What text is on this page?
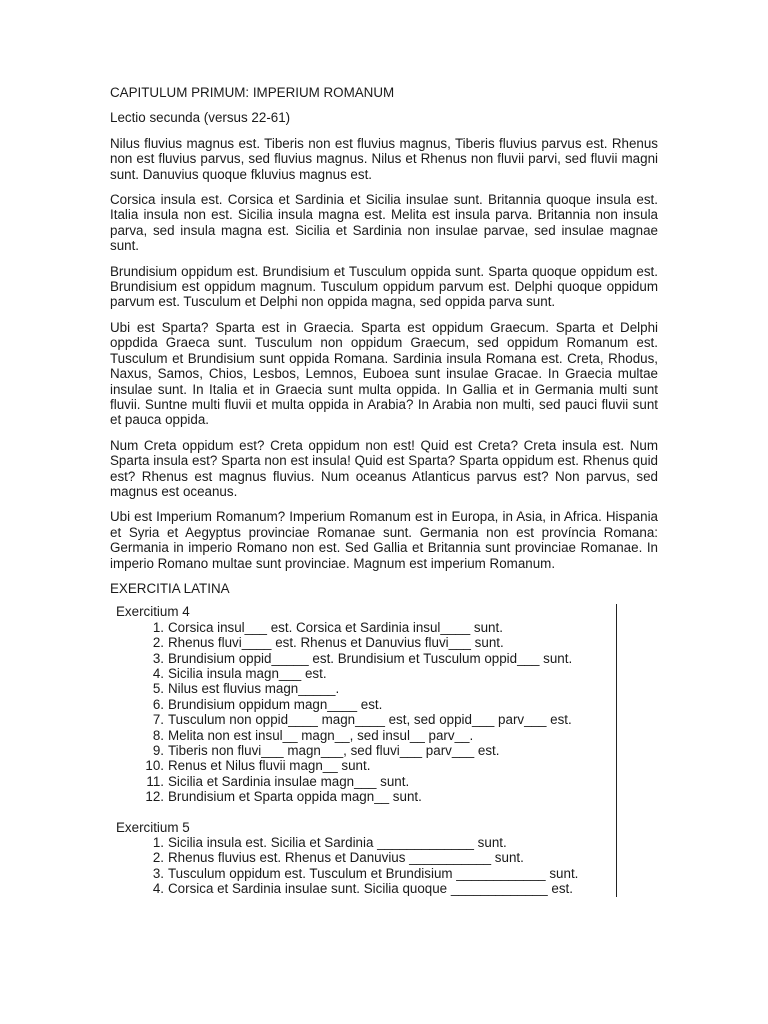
CAPITULUM PRIMUM: IMPERIUM ROMANUM
Lectio secunda (versus 22-61)
Nilus fluvius magnus est. Tiberis non est fluvius magnus, Tiberis fluvius parvus est. Rhenus non est fluvius parvus, sed fluvius magnus. Nilus et Rhenus non fluvii parvi, sed fluvii magni sunt. Danuvius quoque fkluvius magnus est.
Corsica insula est. Corsica et Sardinia et Sicilia insulae sunt. Britannia quoque insula est. Italia insula non est. Sicilia insula magna est. Melita est insula parva. Britannia non insula parva, sed insula magna est. Sicilia et Sardinia non insulae parvae, sed insulae magnae sunt.
Brundisium oppidum est. Brundisium et Tusculum oppida sunt. Sparta quoque oppidum est. Brundisium est oppidum magnum. Tusculum oppidum parvum est. Delphi quoque oppidum parvum est. Tusculum et Delphi non oppida magna, sed oppida parva sunt.
Ubi est Sparta? Sparta est in Graecia. Sparta est oppidum Graecum. Sparta et Delphi oppdida Graeca sunt. Tusculum non oppidum Graecum, sed oppidum Romanum est. Tusculum et Brundisium sunt oppida Romana. Sardinia insula Romana est. Creta, Rhodus, Naxus, Samos, Chios, Lesbos, Lemnos, Euboea sunt insulae Gracae. In Graecia multae insulae sunt. In Italia et in Graecia sunt multa oppida. In Gallia et in Germania multi sunt fluvii. Suntne multi fluvii et multa oppida in Arabia? In Arabia non multi, sed pauci fluvii sunt et pauca oppida.
Num Creta oppidum est? Creta oppidum non est! Quid est Creta? Creta insula est. Num Sparta insula est? Sparta non est insula! Quid est Sparta? Sparta oppidum est. Rhenus quid est? Rhenus est magnus fluvius. Num oceanus Atlanticus parvus est? Non parvus, sed magnus est oceanus.
Ubi est Imperium Romanum? Imperium Romanum est in Europa, in Asia, in Africa. Hispania et Syria et Aegyptus provinciae Romanae sunt. Germania non est província Romana: Germania in imperio Romano non est. Sed Gallia et Britannia sunt provinciae Romanae. In imperio Romano multae sunt provinciae. Magnum est imperium Romanum.
EXERCITIA LATINA
Exercitium 4
1. Corsica insul___ est. Corsica et Sardinia insul____ sunt.
2. Rhenus fluvi____ est. Rhenus et Danuvius fluvi___ sunt.
3. Brundisium oppid_____ est. Brundisium et Tusculum oppid___ sunt.
4. Sicilia insula magn___ est.
5. Nilus est fluvius magn_____.
6. Brundisium oppidum magn____ est.
7. Tusculum non oppid____ magn____ est, sed oppid___ parv___ est.
8. Melita non est insul__ magn__, sed insul__ parv__.
9. Tiberis non fluvi___ magn___, sed fluvi___ parv___ est.
10. Renus et Nilus fluvii magn__ sunt.
11. Sicilia et Sardinia insulae magn___ sunt.
12. Brundisium et Sparta oppida magn__ sunt.
Exercitium 5
1. Sicilia insula est. Sicilia et Sardinia _____________ sunt.
2. Rhenus fluvius est. Rhenus et Danuvius ___________ sunt.
3. Tusculum oppidum est. Tusculum et Brundisium ____________ sunt.
4. Corsica et Sardinia insulae sunt. Sicilia quoque _____________ est.
